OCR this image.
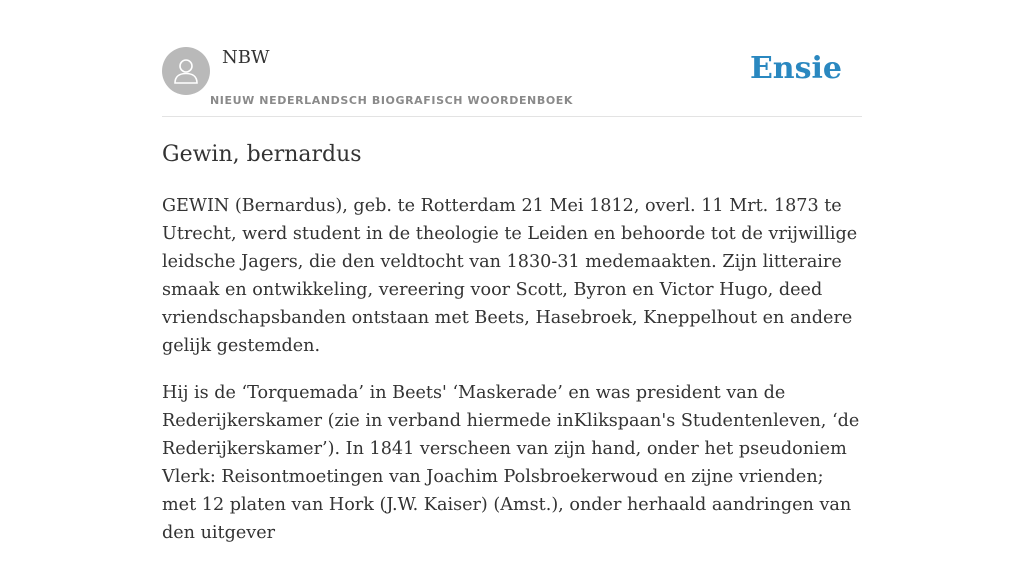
NBW
NIEUW NEDERLANDSCH BIOGRAFISCH WOORDENBOEK
Ensie
Gewin, bernardus

GEWIN (Bernardus), geb. te Rotterdam 21 Mei 1812, overl. 11 Mrt. 1873 te Utrecht, werd student in de theologie te Leiden en behoorde tot de vrijwillige leidsche Jagers, die den veldtocht van 1830-31 medemaakten. Zijn litteraire smaak en ontwikkeling, vereering voor Scott, Byron en Victor Hugo, deed vriendschapsbanden ontstaan met Beets, Hasebroek, Kneppelhout en andere gelijk gestemden.

Hij is de ‘Torquemada’ in Beets' ‘Maskerade’ en was president van de Rederijkerskamer (zie in verband hiermede inKlikspaan's Studentenleven, ‘de Rederijkerskamer’). In 1841 verscheen van zijn hand, onder het pseudoniem Vlerk: Reisontmoetingen van Joachim Polsbroekerwoud en zijne vrienden; met 12 platen van Hork (J.W. Kaiser) (Amst.), onder herhaald aandringen van den uitgever
